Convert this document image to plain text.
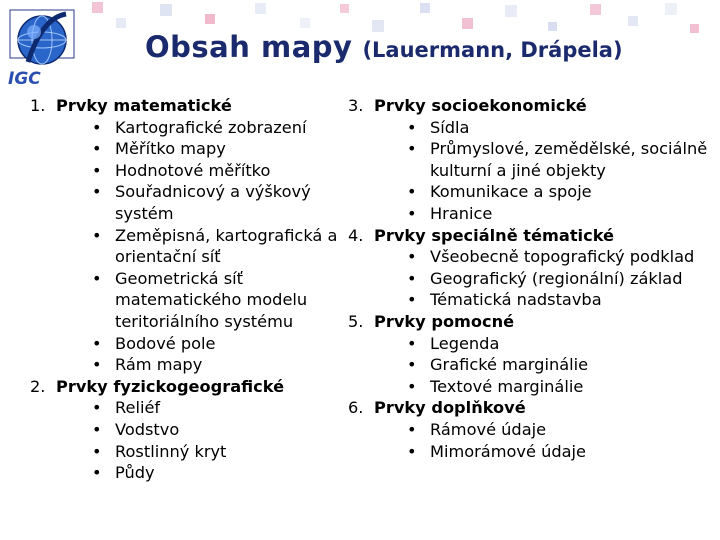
IGC
Obsah mapy (Lauermann, Drápela)
1. Prvky matematické
• Kartografické zobrazení
• Měřítko mapy
• Hodnotové měřítko
• Souřadnicový a výškový systém
• Zeměpisná, kartografická a orientační síť
• Geometrická síť matematického modelu teritoriálního systému
• Bodové pole
• Rám mapy
2. Prvky fyzickogeografické
• Reliéf
• Vodstvo
• Rostlinný kryt
• Půdy
3. Prvky socioekonomické
• Sídla
• Průmyslové, zemědělské, sociálně kulturní a jiné objekty
• Komunikace a spoje
• Hranice
4. Prvky speciálně tématické
• Všeobecně topografický podklad
• Geografický (regionální) základ
• Tématická nadstavba
5. Prvky pomocné
• Legenda
• Grafické marginálie
• Textové marginálie
6. Prvky doplňkové
• Rámové údaje
• Mimorámové údaje
